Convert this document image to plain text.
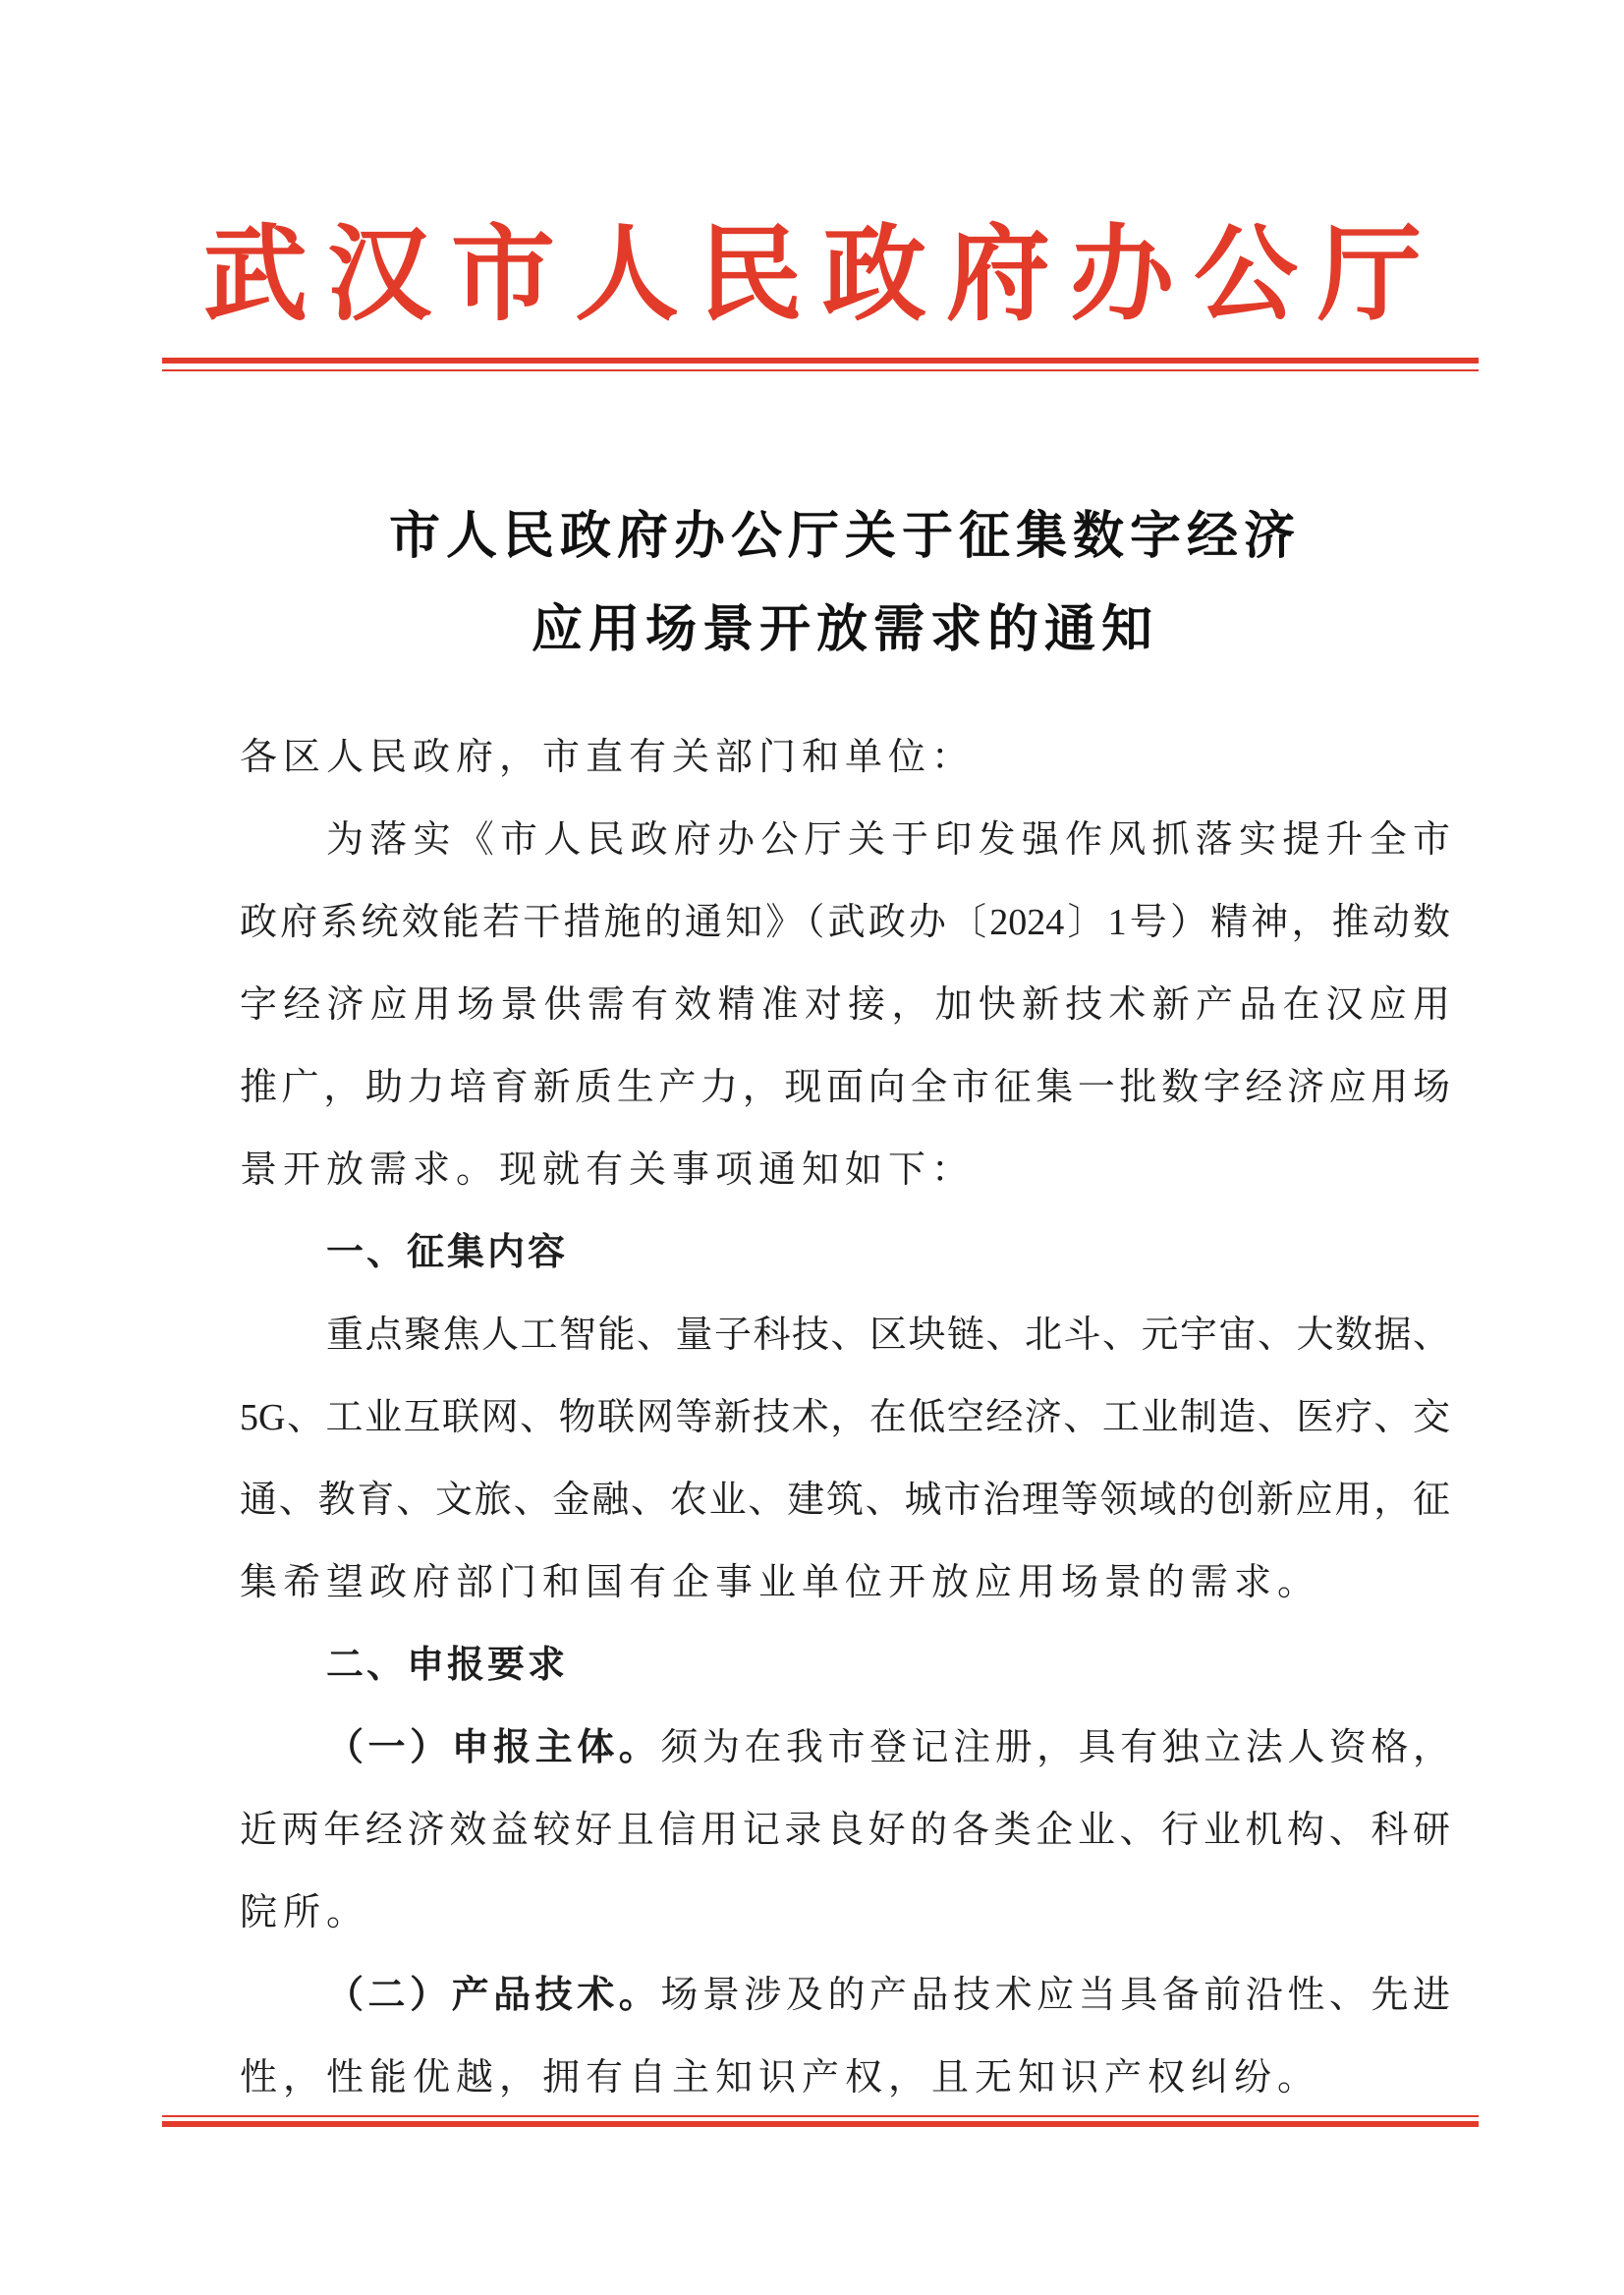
武汉市人民政府办公厅
市人民政府办公厅关于征集数字经济
应用场景开放需求的通知
各区人民政府，市直有关部门和单位：
为落实《市人民政府办公厅关于印发强作风抓落实提升全市
政府系统效能若干措施的通知》（武政办〔2024〕1号）精神，推动数
字经济应用场景供需有效精准对接，加快新技术新产品在汉应用
推广，助力培育新质生产力，现面向全市征集一批数字经济应用场
景开放需求。现就有关事项通知如下：
一、征集内容
重点聚焦人工智能、量子科技、区块链、北斗、元宇宙、大数据、
5G、工业互联网、物联网等新技术，在低空经济、工业制造、医疗、交
通、教育、文旅、金融、农业、建筑、城市治理等领域的创新应用，征
集希望政府部门和国有企事业单位开放应用场景的需求。
二、申报要求
（一）申报主体。须为在我市登记注册，具有独立法人资格，
近两年经济效益较好且信用记录良好的各类企业、行业机构、科研
院所。
（二）产品技术。场景涉及的产品技术应当具备前沿性、先进
性，性能优越，拥有自主知识产权，且无知识产权纠纷。
